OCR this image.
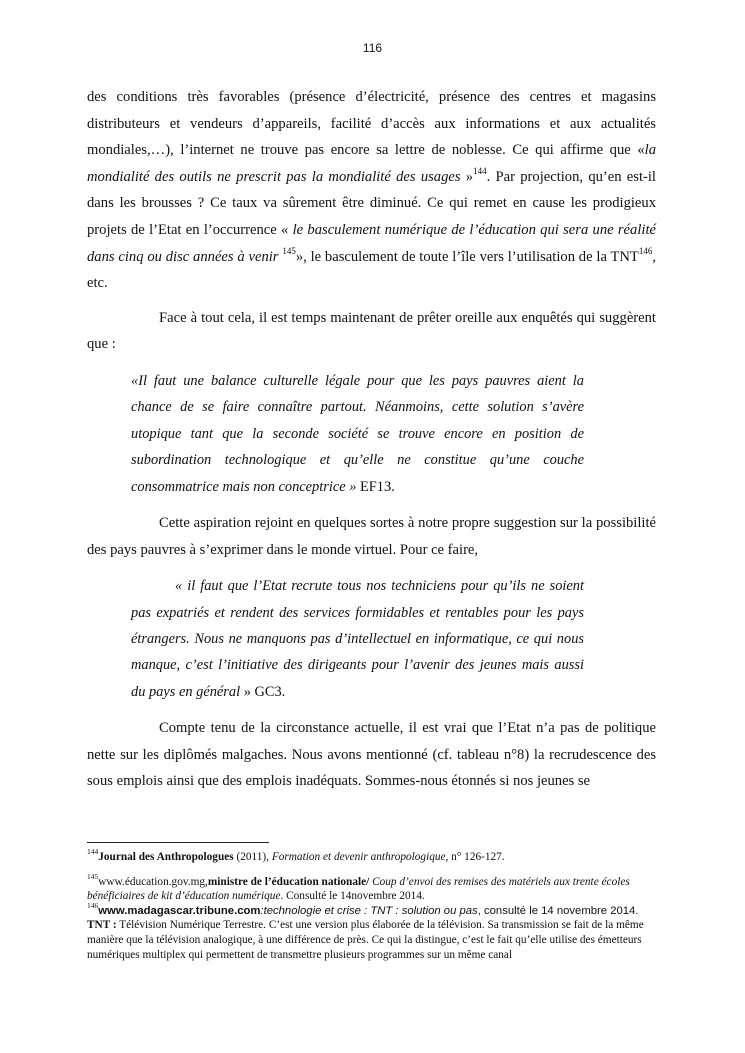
116

des conditions très favorables (présence d’électricité, présence des centres et magasins distributeurs et vendeurs d’appareils, facilité d’accès aux informations et aux actualités mondiales,…), l’internet ne trouve pas encore sa lettre de noblesse. Ce qui affirme que «la mondialité des outils ne prescrit pas la mondialité des usages »$^{144}$. Par projection, qu’en est-il dans les brousses ? Ce taux va sûrement être diminué. Ce qui remet en cause les prodigieux projets de l’Etat en l’occurrence « le basculement numérique de l’éducation qui sera une réalité dans cinq ou disc années à venir $^{145}$», le basculement de toute l’île vers l’utilisation de la TNT$^{146}$, etc.

Face à tout cela, il est temps maintenant de prêter oreille aux enquêtés qui suggèrent que :

«Il faut une balance culturelle légale pour que les pays pauvres aient la chance de se faire connaître partout. Néanmoins, cette solution s’avère utopique tant que la seconde société se trouve encore en position de subordination technologique et qu’elle ne constitue qu’une couche consommatrice mais non conceptrice » EF13.

Cette aspiration rejoint en quelques sortes à notre propre suggestion sur la possibilité des pays pauvres à s’exprimer dans le monde virtuel. Pour ce faire,

« il faut que l’Etat recrute tous nos techniciens pour qu’ils ne soient pas expatriés et rendent des services formidables et rentables pour les pays étrangers. Nous ne manquons pas d’intellectuel en informatique, ce qui nous manque, c’est l’initiative des dirigeants pour l’avenir des jeunes mais aussi du pays en général » GC3.

Compte tenu de la circonstance actuelle, il est vrai que l’Etat n’a pas de politique nette sur les diplômés malgaches. Nous avons mentionné (cf. tableau n°8) la recrudescence des sous emplois ainsi que des emplois inadéquats. Sommes-nous étonnés si nos jeunes se

$^{144}$Journal des Anthropologues (2011), Formation et devenir anthropologique, n° 126-127.

$^{145}$www.éducation.gov.mg,ministre de l’éducation nationale/ Coup d’envoi des remises des matériels aux trente écoles bénéficiaires de kit d’éducation numérique. Consulté le 14novembre 2014.

$^{146}$www.madagascar.tribune.com:technologie et crise : TNT : solution ou pas, consulté le 14 novembre 2014.

TNT : Télévision Numérique Terrestre. C’est une version plus élaborée de la télévision. Sa transmission se fait de la même manière que la télévision analogique, à une différence de près. Ce qui la distingue, c’est le fait qu’elle utilise des émetteurs numériques multiplex qui permettent de transmettre plusieurs programmes sur un même canal
